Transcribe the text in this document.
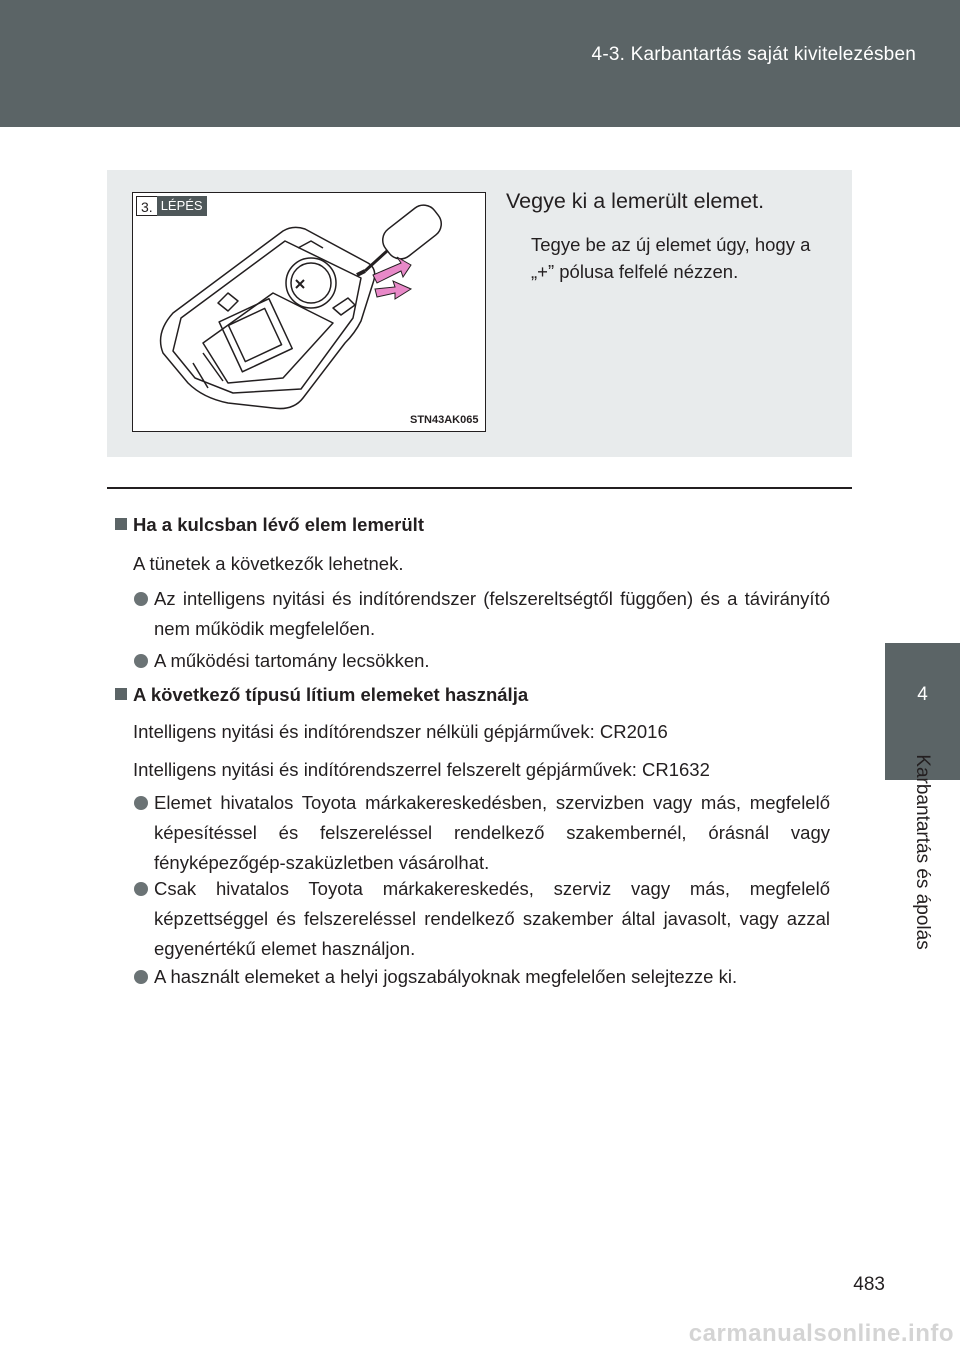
4-3. Karbantartás saját kivitelezésben
4
Karbantartás és ápolás
3. LÉPÉS
STN43AK065
Vegye ki a lemerült elemet.
Tegye be az új elemet úgy, hogy a „+” pólusa felfelé nézzen.
Ha a kulcsban lévő elem lemerült
A tünetek a következők lehetnek.
Az intelligens nyitási és indítórendszer (felszereltségtől függően) és a távirányító nem működik megfelelően.
A működési tartomány lecsökken.
A következő típusú lítium elemeket használja
Intelligens nyitási és indítórendszer nélküli gépjárművek: CR2016
Intelligens nyitási és indítórendszerrel felszerelt gépjárművek: CR1632
Elemet hivatalos Toyota márkakereskedésben, szervizben vagy más, megfelelő képesítéssel és felszereléssel rendelkező szakembernél, órásnál vagy fényképezőgép-szaküzletben vásárolhat.
Csak hivatalos Toyota márkakereskedés, szerviz vagy más, megfelelő képzettséggel és felszereléssel rendelkező szakember által javasolt, vagy azzal egyenértékű elemet használjon.
A használt elemeket a helyi jogszabályoknak megfelelően selejtezze ki.
483
carmanualsonline.info
